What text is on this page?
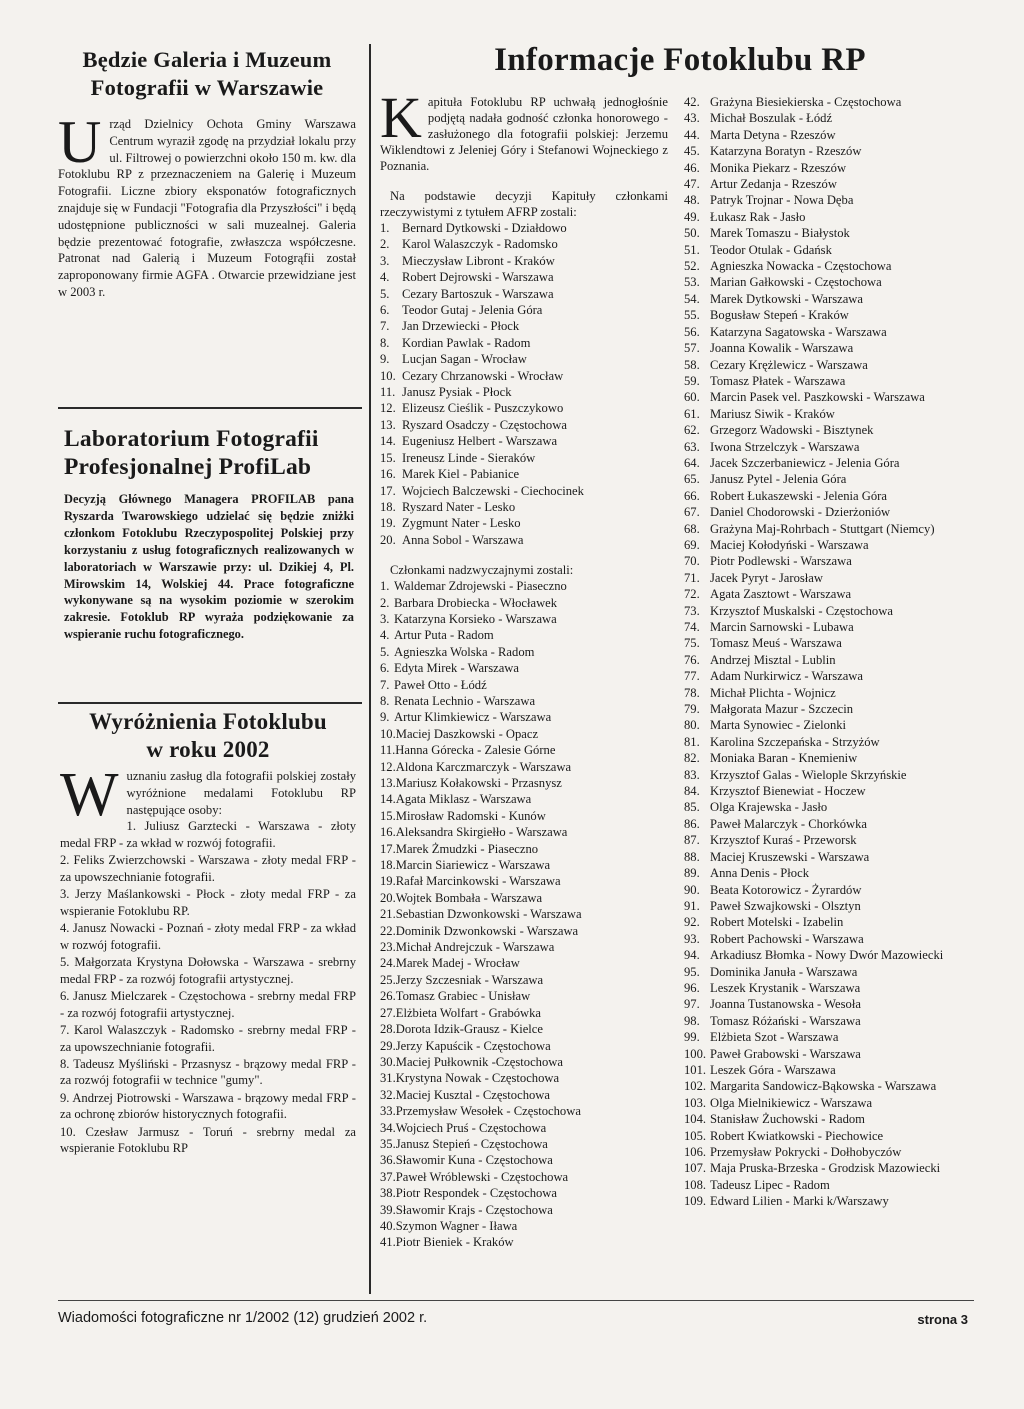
Będzie Galeria i Muzeum
Fotografii w Warszawie

Urząd Dzielnicy Ochota Gminy Warszawa Centrum wyraził zgodę na przydział lokalu przy ul. Filtrowej o powierzchni około 150 m. kw. dla Fotoklubu RP z przeznaczeniem na Galerię i Muzeum Fotografii. Liczne zbiory eksponatów fotograficznych znajduje się w Fundacji "Fotografia dla Przyszłości" i będą udostępnione publiczności w sali muzealnej. Galeria będzie prezentować fotografie, zwłaszcza współczesne. Patronat nad Galerią i Muzeum Fotogrąfii został zaproponowany firmie AGFA . Otwarcie przewidziane jest w 2003 r.

Laboratorium Fotografii
Profesjonalnej ProfiLab

Decyzją Głównego Managera PROFILAB pana Ryszarda Twarowskiego udzielać się będzie zniżki członkom Fotoklubu Rzeczypospolitej Polskiej przy korzystaniu z usług fotograficznych realizowanych w laboratoriach w Warszawie przy: ul. Dzikiej 4, Pl. Mirowskim 14, Wolskiej 44. Prace fotograficzne wykonywane są na wysokim poziomie w szerokim zakresie. Fotoklub RP wyraża podziękowanie za wspieranie ruchu fotograficznego.

Wyróżnienia Fotoklubu
w roku 2002

Wuznaniu zasług dla fotografii polskiej zostały wyróżnione medalami Fotoklubu RP następujące osoby:

1. Juliusz Garztecki - Warszawa - złoty medal FRP - za wkład w rozwój fotografii.
2. Feliks Zwierzchowski - Warszawa - złoty medal FRP - za upowszechnianie fotografii.
3. Jerzy Maślankowski - Płock - złoty medal FRP - za wspieranie Fotoklubu RP.
4. Janusz Nowacki - Poznań - złoty medal FRP - za wkład w rozwój fotografii.
5. Małgorzata Krystyna Dołowska - Warszawa - srebrny medal FRP - za rozwój fotografii artystycznej.
6. Janusz Mielczarek - Częstochowa - srebrny medal FRP - za rozwój fotografii artystycznej.
7. Karol Walaszczyk - Radomsko - srebrny medal FRP - za upowszechnianie fotografii.
8. Tadeusz Myśliński - Przasnysz - brązowy medal FRP - za rozwój fotografii w technice "gumy".
9. Andrzej Piotrowski - Warszawa - brązowy medal FRP - za ochronę zbiorów historycznych fotografii.
10. Czesław Jarmusz - Toruń - srebrny medal za wspieranie Fotoklubu RP
Informacje Fotoklubu RP

Kapituła Fotoklubu RP uchwałą jednogłośnie podjętą nadała godność członka honorowego - zasłużonego dla fotografii polskiej: Jerzemu Wiklendtowi z Jeleniej Góry i Stefanowi Wojneckiego z Poznania.

Na podstawie decyzji Kapituły członkami rzeczywistymi z tytułem AFRP zostali:

1. Bernard Dytkowski - Działdowo
2. Karol Walaszczyk - Radomsko
3. Mieczysław Libront - Kraków
4. Robert Dejrowski - Warszawa
5. Cezary Bartoszuk - Warszawa
6. Teodor Gutaj - Jelenia Góra
7. Jan Drzewiecki - Płock
8. Kordian Pawlak - Radom
9. Lucjan Sagan - Wrocław
10. Cezary Chrzanowski - Wrocław
11. Janusz Pysiak - Płock
12. Elizeusz Cieślik - Puszczykowo
13. Ryszard Osadczy - Częstochowa
14. Eugeniusz Helbert - Warszawa
15. Ireneusz Linde - Sieraków
16. Marek Kiel - Pabianice
17. Wojciech Balczewski - Ciechocinek
18. Ryszard Nater - Lesko
19. Zygmunt Nater - Lesko
20. Anna Sobol - Warszawa

Członkami nadzwyczajnymi zostali:

1. Waldemar Zdrojewski - Piaseczno
2. Barbara Drobiecka - Włocławek
3. Katarzyna Korsieko - Warszawa
4. Artur Puta - Radom
5. Agnieszka Wolska - Radom
6. Edyta Mirek - Warszawa
7. Paweł Otto - Łódź
8. Renata Lechnio - Warszawa
9. Artur Klimkiewicz - Warszawa
10.Maciej Daszkowski - Opacz
11.Hanna Górecka - Zalesie Górne
12.Aldona Karczmarczyk - Warszawa
13.Mariusz Kołakowski - Przasnysz
14.Agata Miklasz - Warszawa
15.Mirosław Radomski - Kunów
16.Aleksandra Skirgiełło - Warszawa
17.Marek Żmudzki - Piaseczno
18.Marcin Siariewicz - Warszawa
19.Rafał Marcinkowski - Warszawa
20.Wojtek Bombała - Warszawa
21.Sebastian Dzwonkowski - Warszawa
22.Dominik Dzwonkowski - Warszawa
23.Michał Andrejczuk - Warszawa
24.Marek Madej - Wrocław
25.Jerzy Szczesniak - Warszawa
26.Tomasz Grabiec - Unisław
27.Elżbieta Wolfart - Grabówka
28.Dorota Idzik-Grausz - Kielce
29.Jerzy Kapuścik - Częstochowa
30.Maciej Pułkownik -Częstochowa
31.Krystyna Nowak - Częstochowa
32.Maciej Kusztal - Częstochowa
33.Przemysław Wesołek - Częstochowa
34.Wojciech Pruś - Częstochowa
35.Janusz Stepień - Częstochowa
36.Sławomir Kuna - Częstochowa
37.Paweł Wróblewski - Częstochowa
38.Piotr Respondek - Częstochowa
39.Sławomir Krajs - Częstochowa
40.Szymon Wagner - Iława
41.Piotr Bieniek - Kraków
42. Grażyna Biesiekierska - Częstochowa
43. Michał Boszulak - Łódź
44. Marta Detyna - Rzeszów
45. Katarzyna Boratyn - Rzeszów
46. Monika Piekarz - Rzeszów
47. Artur Zedanja - Rzeszów
48. Patryk Trojnar - Nowa Dęba
49. Łukasz Rak - Jasło
50. Marek Tomaszu - Białystok
51. Teodor Otulak - Gdańsk
52. Agnieszka Nowacka - Częstochowa
53. Marian Gałkowski - Częstochowa
54. Marek Dytkowski - Warszawa
55. Bogusław Stepeń - Kraków
56. Katarzyna Sagatowska - Warszawa
57. Joanna Kowalik - Warszawa
58. Cezary Krężlewicz - Warszawa
59. Tomasz Płatek - Warszawa
60. Marcin Pasek vel. Paszkowski - Warszawa
61. Mariusz Siwik - Kraków
62. Grzegorz Wadowski - Bisztynek
63. Iwona Strzelczyk - Warszawa
64. Jacek Szczerbaniewicz - Jelenia Góra
65. Janusz Pytel - Jelenia Góra
66. Robert Łukaszewski - Jelenia Góra
67. Daniel Chodorowski - Dzierżoniów
68. Grażyna Maj-Rohrbach - Stuttgart (Niemcy)
69. Maciej Kołodyński - Warszawa
70. Piotr Podlewski - Warszawa
71. Jacek Pyryt - Jarosław
72. Agata Zasztowt - Warszawa
73. Krzysztof Muskalski - Częstochowa
74. Marcin Sarnowski - Lubawa
75. Tomasz Meuś - Warszawa
76. Andrzej Misztal - Lublin
77. Adam Nurkirwicz - Warszawa
78. Michał Plichta - Wojnicz
79. Małgorata Mazur - Szczecin
80. Marta Synowiec - Zielonki
81. Karolina Szczepańska - Strzyżów
82. Moniaka Baran - Knemieniw
83. Krzysztof Galas - Wielople Skrzyńskie
84. Krzysztof Bienewiat - Hoczew
85. Olga Krajewska - Jasło
86. Paweł Malarczyk - Chorkówka
87. Krzysztof Kuraś - Przeworsk
88. Maciej Kruszewski - Warszawa
89. Anna Denis - Płock
90. Beata Kotorowicz - Żyrardów
91. Paweł Szwajkowski - Olsztyn
92. Robert Motelski - Izabelin
93. Robert Pachowski - Warszawa
94. Arkadiusz Błomka - Nowy Dwór Mazowiecki
95. Dominika Januła - Warszawa
96. Leszek Krystanik - Warszawa
97. Joanna Tustanowska - Wesoła
98. Tomasz Różański - Warszawa
99. Elżbieta Szot - Warszawa
100. Paweł Grabowski - Warszawa
101. Leszek Góra - Warszawa
102. Margarita Sandowicz-Bąkowska - Warszawa
103. Olga Mielnikiewicz - Warszawa
104. Stanisław Żuchowski - Radom
105. Robert Kwiatkowski - Piechowice
106. Przemysław Pokrycki - Dołhobyczów
107. Maja Pruska-Brzeska - Grodzisk Mazowiecki
108. Tadeusz Lipec - Radom
109. Edward Lilien - Marki k/Warszawy
Wiadomości fotograficzne nr 1/2002 (12) grudzień 2002 r.	strona 3
